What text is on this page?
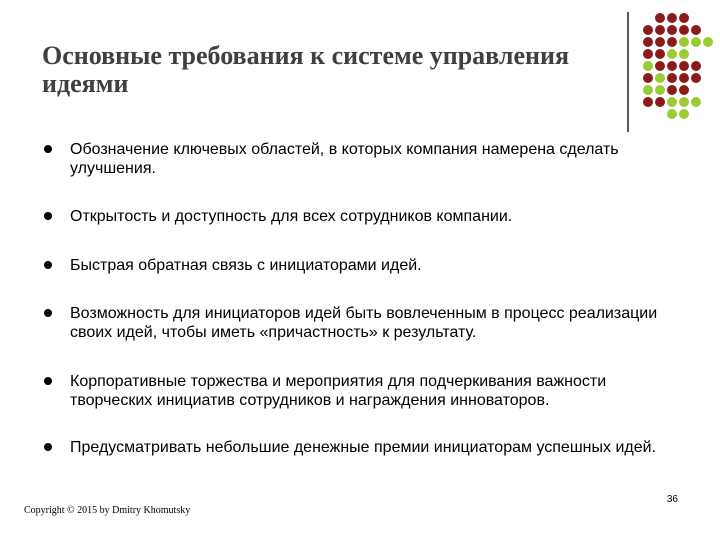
Основные требования к системе управления идеями
Обозначение ключевых областей, в которых компания намерена сделать улучшения.
Открытость и доступность для всех сотрудников компании.
Быстрая обратная связь с инициаторами идей.
Возможность для инициаторов идей быть вовлеченным в процесс реализации своих идей, чтобы иметь «причастность» к результату.
Корпоративные торжества и мероприятия для подчеркивания важности творческих инициатив сотрудников и награждения инноваторов.
Предусматривать небольшие денежные премии инициаторам успешных идей.
Copyright © 2015 by Dmitry Khomutsky
36
